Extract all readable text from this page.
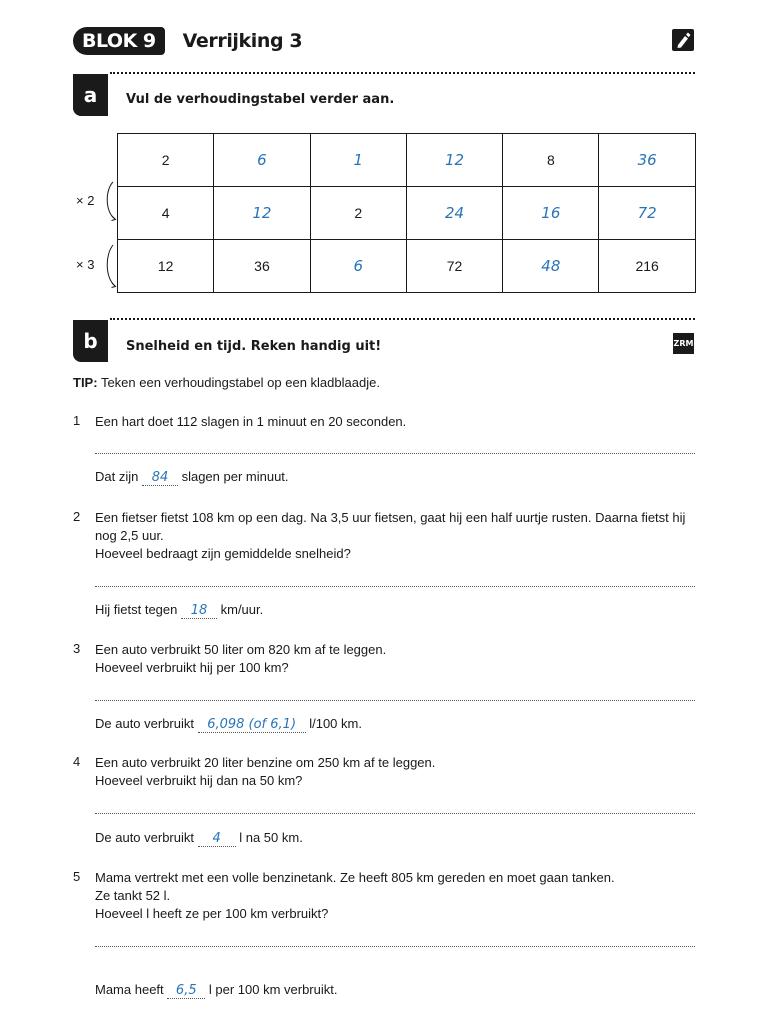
BLOK 9	Verrijking 3
a	Vul de verhoudingstabel verder aan.
2	6	1	12	8	36
4	12	2	24	16	72
12	36	6	72	48	216
× 2
× 3
b	Snelheid en tijd. Reken handig uit!	ZRM
TIP: Teken een verhoudingstabel op een kladblaadje.
1 Een hart doet 112 slagen in 1 minuut en 20 seconden.
Dat zijn 84 slagen per minuut.
2 Een fietser fietst 108 km op een dag. Na 3,5 uur fietsen, gaat hij een half uurtje rusten. Daarna fietst hij
nog 2,5 uur.
Hoeveel bedraagt zijn gemiddelde snelheid?
Hij fietst tegen 18 km/uur.
3 Een auto verbruikt 50 liter om 820 km af te leggen.
Hoeveel verbruikt hij per 100 km?
De auto verbruikt 6,098 (of 6,1) l/100 km.
4 Een auto verbruikt 20 liter benzine om 250 km af te leggen.
Hoeveel verbruikt hij dan na 50 km?
De auto verbruikt 4 l na 50 km.
5 Mama vertrekt met een volle benzinetank. Ze heeft 805 km gereden en moet gaan tanken.
Ze tankt 52 l.
Hoeveel l heeft ze per 100 km verbruikt?
Mama heeft 6,5 l per 100 km verbruikt.
